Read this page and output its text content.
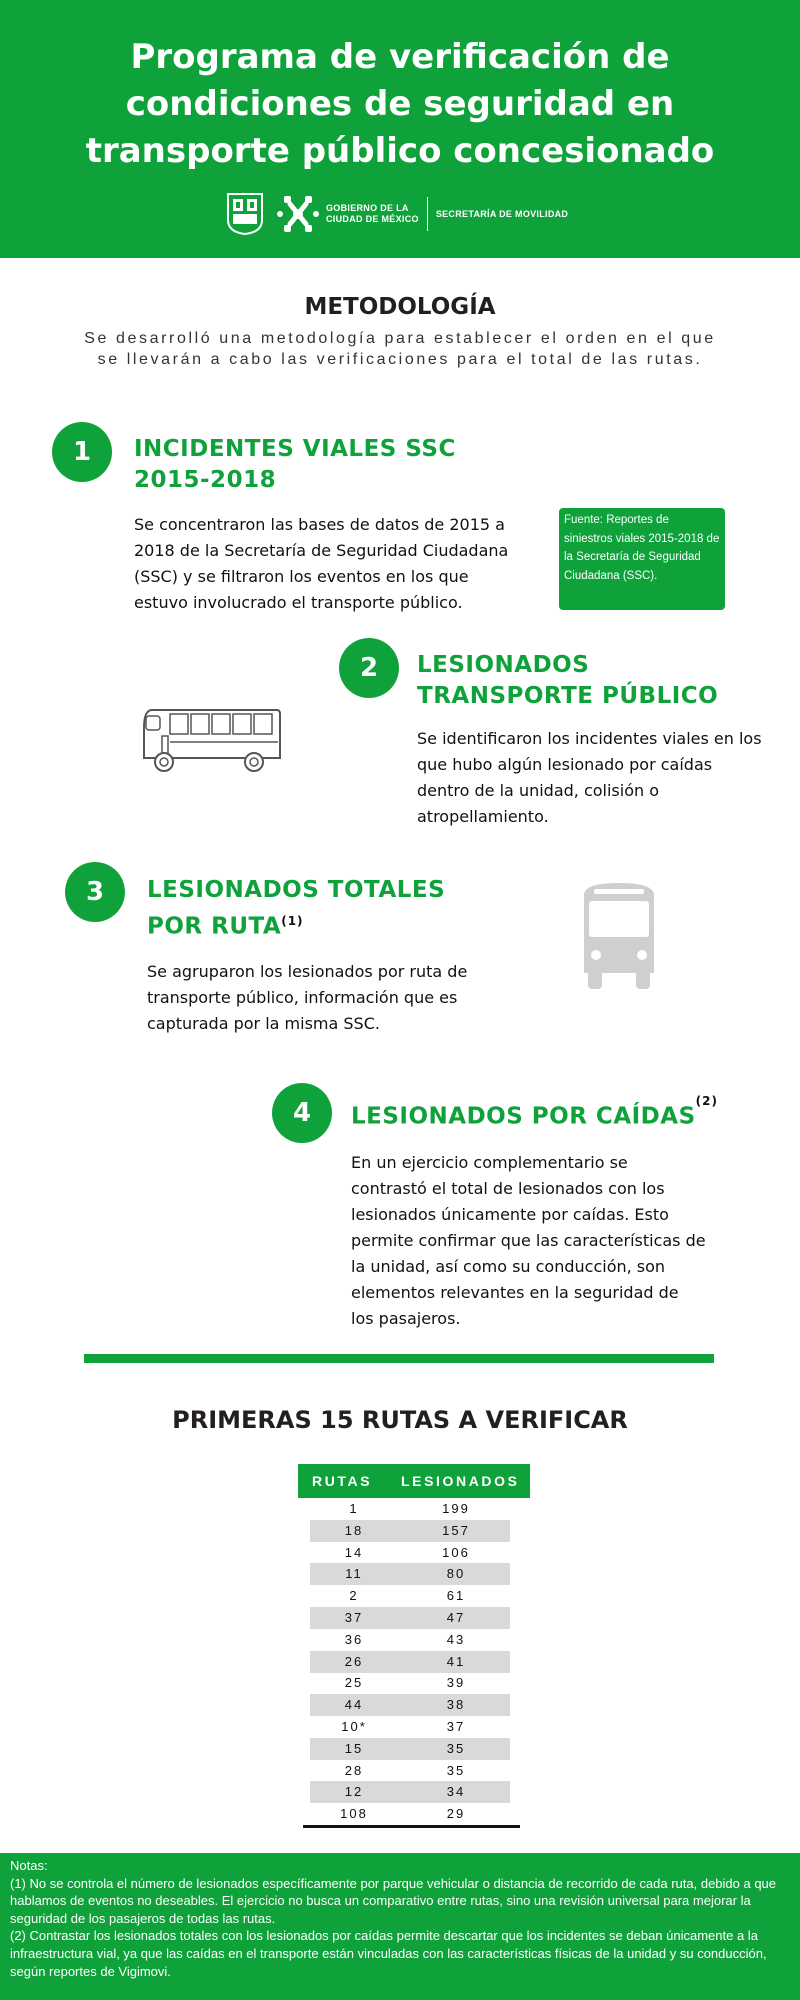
Programa de verificación de
condiciones de seguridad en
transporte público concesionado
GOBIERNO DE LA
CIUDAD DE MÉXICO SECRETARÍA DE MOVILIDAD
METODOLOGÍA
Se desarrolló una metodología para establecer el orden en el que se llevarán a cabo las verificaciones para el total de las rutas.
1	INCIDENTES VIALES SSC
2015-2018
Se concentraron las bases de datos de 2015 a 2018 de la Secretaría de Seguridad Ciudadana (SSC) y se filtraron los eventos en los que estuvo involucrado el transporte público.
Fuente: Reportes de siniestros viales 2015-2018 de la Secretaría de Seguridad Ciudadana (SSC).
2	LESIONADOS
TRANSPORTE PÚBLICO
Se identificaron los incidentes viales en los que hubo algún lesionado por caídas dentro de la unidad, colisión o atropellamiento.
3	LESIONADOS TOTALES
POR RUTA$^{(1)}$
Se agruparon los lesionados por ruta de transporte público, información que es capturada por la misma SSC.
4	LESIONADOS POR CAÍDAS$^{(2)}$
En un ejercicio complementario se contrastó el total de lesionados con los lesionados únicamente por caídas. Esto permite confirmar que las características de la unidad, así como su conducción, son elementos relevantes en la seguridad de los pasajeros.
PRIMERAS 15 RUTAS A VERIFICAR
RUTAS LESIONADOS
1	199
18	157
14	106
11	80
2	61
37	47
36	43
26	41
25	39
44	38
10*	37
15	35
28	35
12	34
108	29
Notas:
(1) No se controla el número de lesionados específicamente por parque vehicular o distancia de recorrido de cada ruta, debido a que hablamos de eventos no deseables. El ejercicio no busca un comparativo entre rutas, sino una revisión universal para mejorar la seguridad de los pasajeros de todas las rutas.
(2) Contrastar los lesionados totales con los lesionados por caídas permite descartar que los incidentes se deban únicamente a la infraestructura vial, ya que las caídas en el transporte están vinculadas con las características físicas de la unidad y su conducción, según reportes de Vigimovi.
